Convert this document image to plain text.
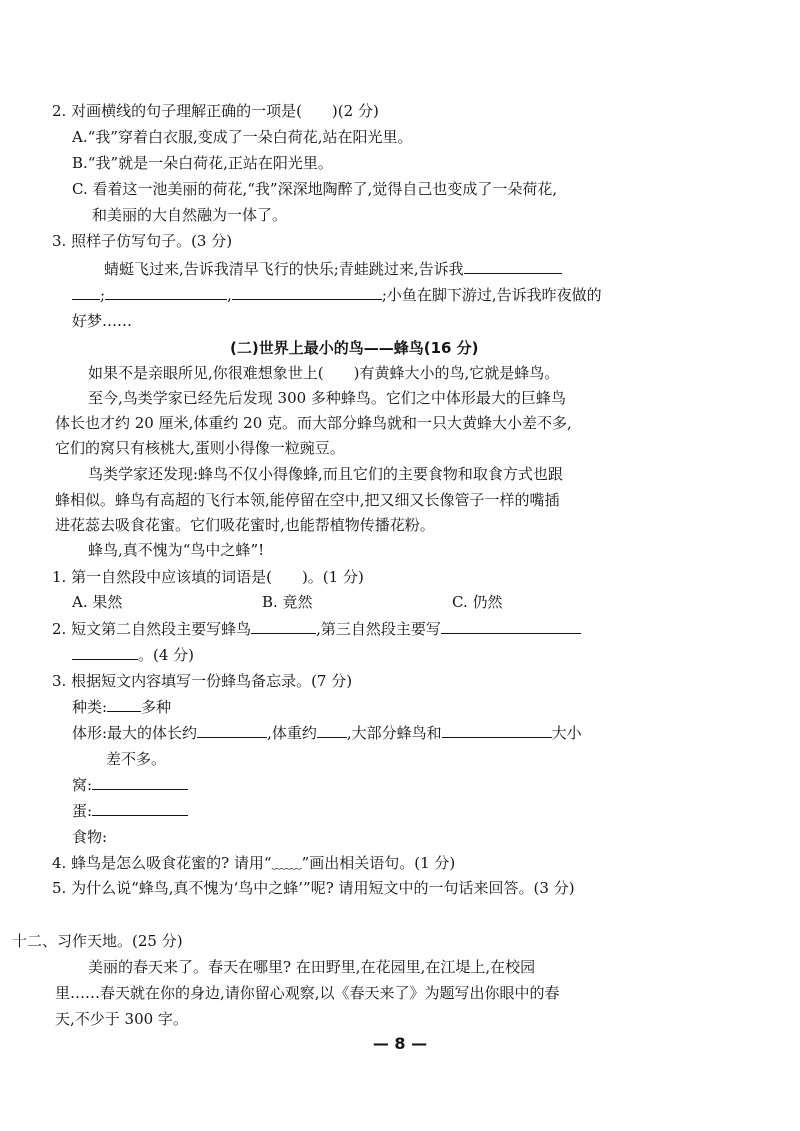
2. 对画横线的句子理解正确的一项是(　　)(2 分)
A.“我”穿着白衣服,变成了一朵白荷花,站在阳光里。
B.“我”就是一朵白荷花,正站在阳光里。
C. 看着这一池美丽的荷花,“我”深深地陶醉了,觉得自己也变成了一朵荷花,
和美丽的大自然融为一体了。
3. 照样子仿写句子。(3 分)
蜻蜓飞过来,告诉我清早飞行的快乐;青蛙跳过来,告诉我
;	,	;小鱼在脚下游过,告诉我昨夜做的
好梦……
(二)世界上最小的鸟——蜂鸟(16 分)
如果不是亲眼所见,你很难想象世上( )有黄蜂大小的鸟,它就是蜂鸟。
至今,鸟类学家已经先后发现 300 多种蜂鸟。它们之中体形最大的巨蜂鸟
体长也才约 20 厘米,体重约 20 克。而大部分蜂鸟就和一只大黄蜂大小差不多,
它们的窝只有核桃大,蛋则小得像一粒豌豆。
鸟类学家还发现:蜂鸟不仅小得像蜂,而且它们的主要食物和取食方式也跟
蜂相似。蜂鸟有高超的飞行本领,能停留在空中,把又细又长像管子一样的嘴插
进花蕊去吸食花蜜。它们吸花蜜时,也能帮植物传播花粉。
蜂鸟,真不愧为“鸟中之蜂”!
1. 第一自然段中应该填的词语是( )。(1 分)
A. 果然	B. 竟然	C. 仍然
2. 短文第二自然段主要写蜂鸟	,第三自然段主要写
。(4 分)
3. 根据短文内容填写一份蜂鸟备忘录。(7 分)
种类: 多种
体形:最大的体长约	,体重约 ,大部分蜂鸟和	大小
差不多。
窝:
蛋:
食物:
4. 蜂鸟是怎么吸食花蜜的? 请用“﹏﹏”画出相关语句。(1 分)
5. 为什么说“蜂鸟,真不愧为‘鸟中之蜂’”呢? 请用短文中的一句话来回答。(3 分)
十二、习作天地。(25 分)
美丽的春天来了。春天在哪里? 在田野里,在花园里,在江堤上,在校园
里……春天就在你的身边,请你留心观察,以《春天来了》为题写出你眼中的春
天,不少于 300 字。
— 8 —
